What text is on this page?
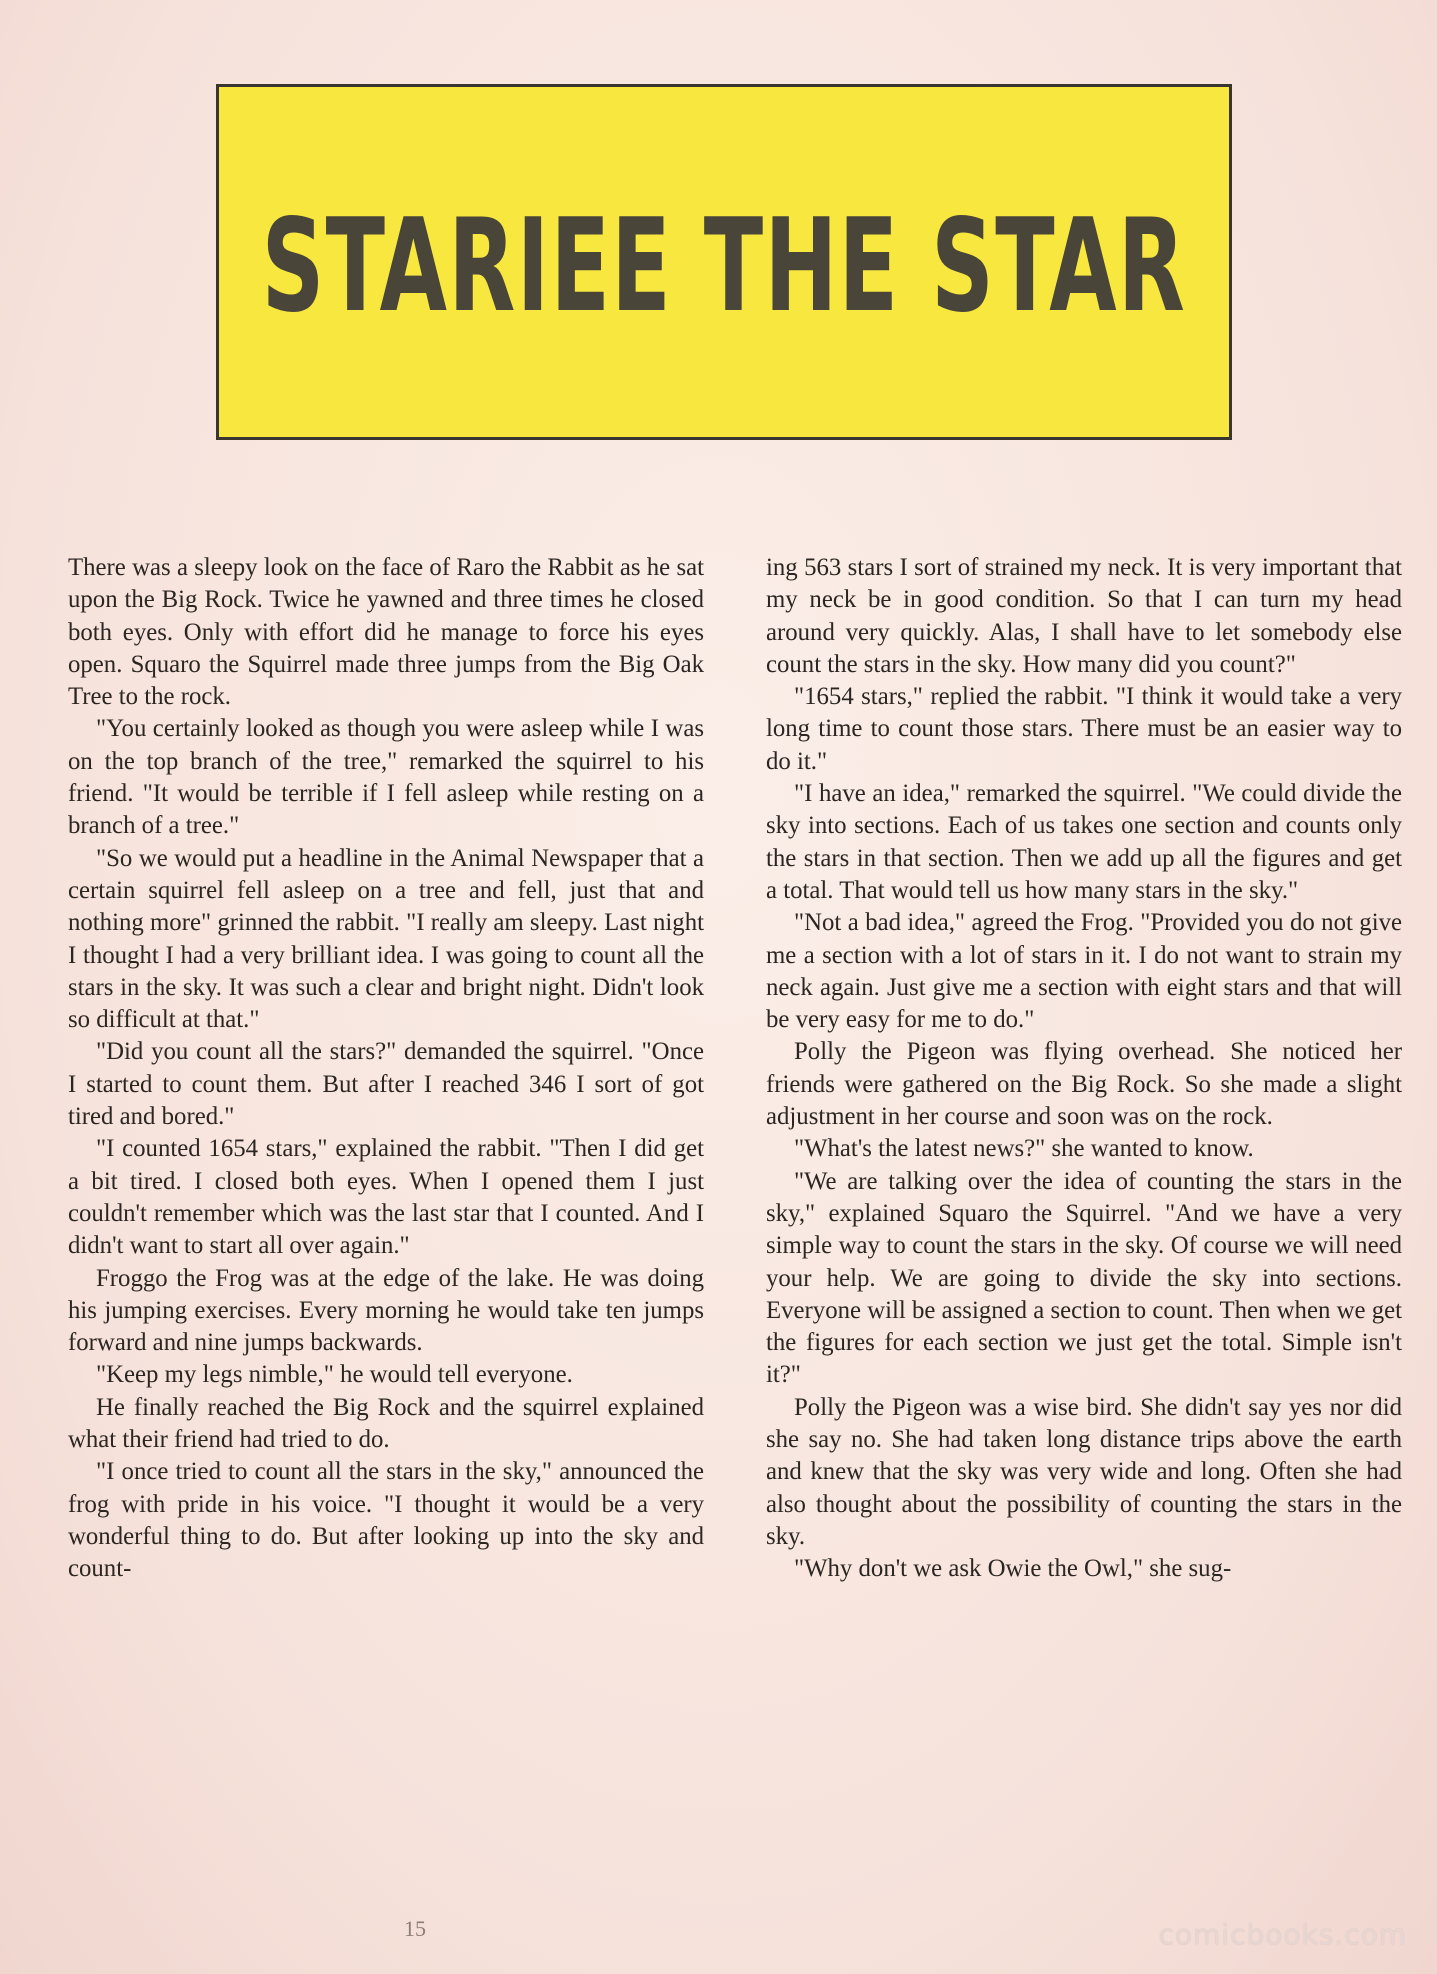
STARIEE THE STAR

There was a sleepy look on the face of Raro the Rabbit as he sat upon the Big Rock. Twice he yawned and three times he closed both eyes. Only with effort did he manage to force his eyes open. Squaro the Squirrel made three jumps from the Big Oak Tree to the rock.

"You certainly looked as though you were asleep while I was on the top branch of the tree," remarked the squirrel to his friend. "It would be terrible if I fell asleep while resting on a branch of a tree."

"So we would put a headline in the Animal Newspaper that a certain squirrel fell asleep on a tree and fell, just that and nothing more" grinned the rabbit. "I really am sleepy. Last night I thought I had a very brilliant idea. I was going to count all the stars in the sky. It was such a clear and bright night. Didn't look so difficult at that."

"Did you count all the stars?" demanded the squirrel. "Once I started to count them. But after I reached 346 I sort of got tired and bored."

"I counted 1654 stars," explained the rabbit. "Then I did get a bit tired. I closed both eyes. When I opened them I just couldn't remember which was the last star that I counted. And I didn't want to start all over again."

Froggo the Frog was at the edge of the lake. He was doing his jumping exercises. Every morning he would take ten jumps forward and nine jumps backwards.

"Keep my legs nimble," he would tell everyone.

He finally reached the Big Rock and the squirrel explained what their friend had tried to do.

"I once tried to count all the stars in the sky," announced the frog with pride in his voice. "I thought it would be a very wonderful thing to do. But after looking up into the sky and count-

ing 563 stars I sort of strained my neck. It is very important that my neck be in good condition. So that I can turn my head around very quickly. Alas, I shall have to let somebody else count the stars in the sky. How many did you count?"

"1654 stars," replied the rabbit. "I think it would take a very long time to count those stars. There must be an easier way to do it."

"I have an idea," remarked the squirrel. "We could divide the sky into sections. Each of us takes one section and counts only the stars in that section. Then we add up all the figures and get a total. That would tell us how many stars in the sky."

"Not a bad idea," agreed the Frog. "Provided you do not give me a section with a lot of stars in it. I do not want to strain my neck again. Just give me a section with eight stars and that will be very easy for me to do."

Polly the Pigeon was flying overhead. She noticed her friends were gathered on the Big Rock. So she made a slight adjustment in her course and soon was on the rock.

"What's the latest news?" she wanted to know.

"We are talking over the idea of counting the stars in the sky," explained Squaro the Squirrel. "And we have a very simple way to count the stars in the sky. Of course we will need your help. We are going to divide the sky into sections. Everyone will be assigned a section to count. Then when we get the figures for each section we just get the total. Simple isn't it?"

Polly the Pigeon was a wise bird. She didn't say yes nor did she say no. She had taken long distance trips above the earth and knew that the sky was very wide and long. Often she had also thought about the possibility of counting the stars in the sky.

"Why don't we ask Owie the Owl," she sug-

15	comicbooks.com
